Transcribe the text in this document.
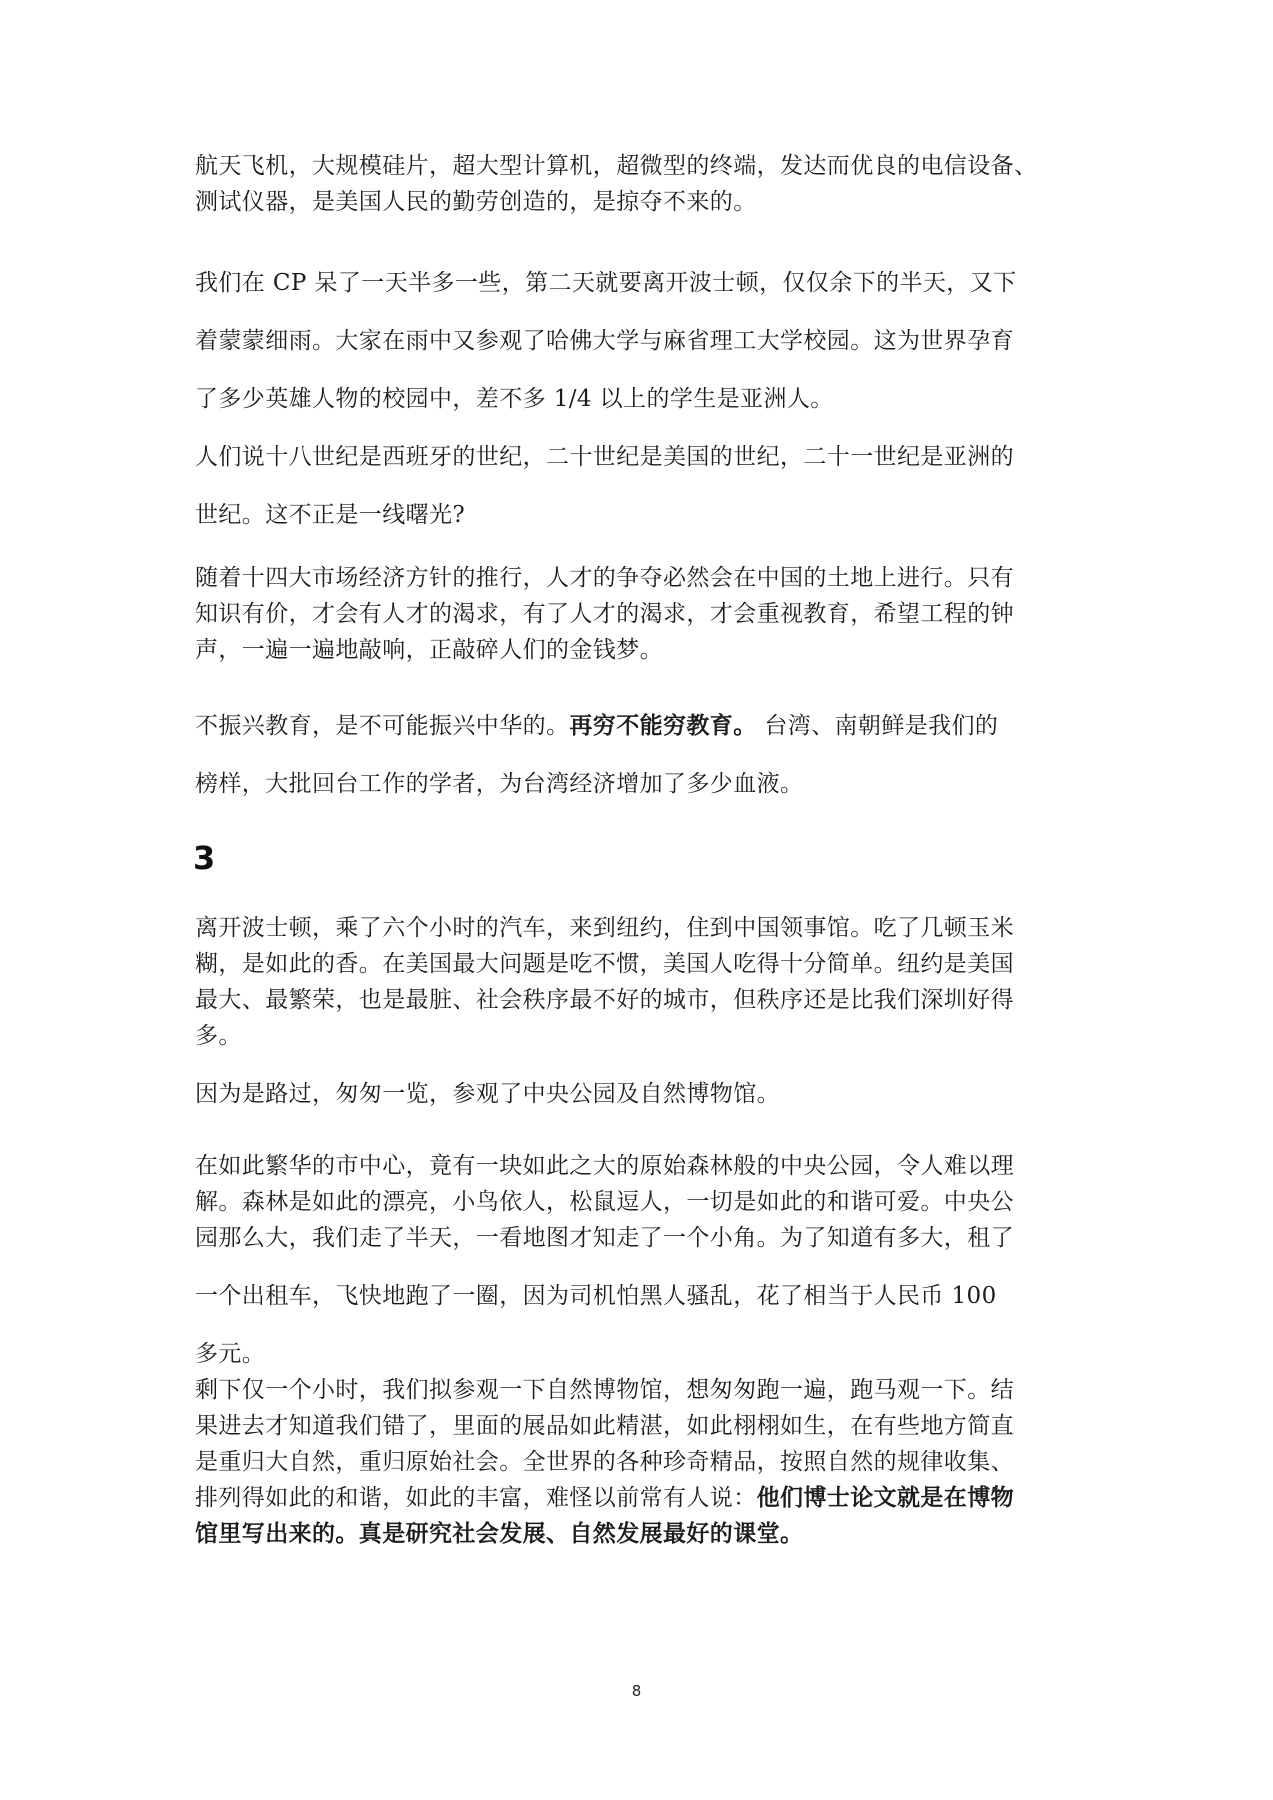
航天飞机，大规模硅片，超大型计算机，超微型的终端，发达而优良的电信设备、
测试仪器，是美国人民的勤劳创造的，是掠夺不来的。

我们在 CP 呆了一天半多一些，第二天就要离开波士顿，仅仅余下的半天，又下
着蒙蒙细雨。大家在雨中又参观了哈佛大学与麻省理工大学校园。这为世界孕育
了多少英雄人物的校园中，差不多 1/4 以上的学生是亚洲人。

人们说十八世纪是西班牙的世纪，二十世纪是美国的世纪，二十一世纪是亚洲的
世纪。这不正是一线曙光?

随着十四大市场经济方针的推行，人才的争夺必然会在中国的土地上进行。只有
知识有价，才会有人才的渴求，有了人才的渴求，才会重视教育，希望工程的钟
声，一遍一遍地敲响，正敲碎人们的金钱梦。

不振兴教育，是不可能振兴中华的。再穷不能穷教育。 台湾、南朝鲜是我们的
榜样，大批回台工作的学者，为台湾经济增加了多少血液。

3

离开波士顿，乘了六个小时的汽车，来到纽约，住到中国领事馆。吃了几顿玉米
糊，是如此的香。在美国最大问题是吃不惯，美国人吃得十分简单。纽约是美国
最大、最繁荣，也是最脏、社会秩序最不好的城市，但秩序还是比我们深圳好得
多。

因为是路过，匆匆一览，参观了中央公园及自然博物馆。

在如此繁华的市中心，竟有一块如此之大的原始森林般的中央公园，令人难以理
解。森林是如此的漂亮，小鸟依人，松鼠逗人，一切是如此的和谐可爱。中央公
园那么大，我们走了半天，一看地图才知走了一个小角。为了知道有多大，租了
一个出租车，飞快地跑了一圈，因为司机怕黑人骚乱，花了相当于人民币 100
多元。

剩下仅一个小时，我们拟参观一下自然博物馆，想匆匆跑一遍，跑马观一下。结
果进去才知道我们错了，里面的展品如此精湛，如此栩栩如生，在有些地方简直
是重归大自然，重归原始社会。全世界的各种珍奇精品，按照自然的规律收集、
排列得如此的和谐，如此的丰富，难怪以前常有人说：他们博士论文就是在博物
馆里写出来的。真是研究社会发展、自然发展最好的课堂。

8
